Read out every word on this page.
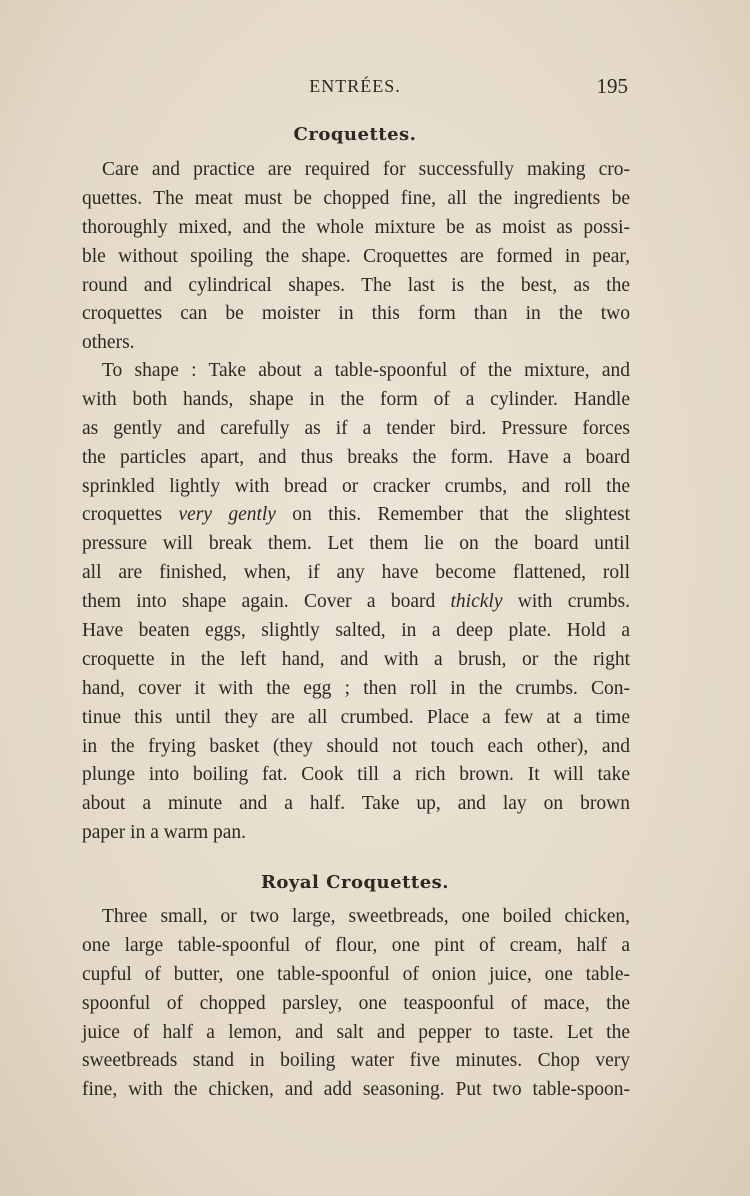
ENTRÉES.	195
Croquettes.
Care and practice are required for successfully making cro-
quettes. The meat must be chopped fine, all the ingredients be
thoroughly mixed, and the whole mixture be as moist as possi-
ble without spoiling the shape. Croquettes are formed in pear,
round and cylindrical shapes. The last is the best, as the
croquettes can be moister in this form than in the two
others.
To shape : Take about a table-spoonful of the mixture, and
with both hands, shape in the form of a cylinder. Handle
as gently and carefully as if a tender bird. Pressure forces
the particles apart, and thus breaks the form. Have a board
sprinkled lightly with bread or cracker crumbs, and roll the
croquettes very gently on this. Remember that the slightest
pressure will break them. Let them lie on the board until
all are finished, when, if any have become flattened, roll
them into shape again. Cover a board thickly with crumbs.
Have beaten eggs, slightly salted, in a deep plate. Hold a
croquette in the left hand, and with a brush, or the right
hand, cover it with the egg ; then roll in the crumbs. Con-
tinue this until they are all crumbed. Place a few at a time
in the frying basket (they should not touch each other), and
plunge into boiling fat. Cook till a rich brown. It will take
about a minute and a half. Take up, and lay on brown
paper in a warm pan.
Royal Croquettes.
Three small, or two large, sweetbreads, one boiled chicken,
one large table-spoonful of flour, one pint of cream, half a
cupful of butter, one table-spoonful of onion juice, one table-
spoonful of chopped parsley, one teaspoonful of mace, the
juice of half a lemon, and salt and pepper to taste. Let the
sweetbreads stand in boiling water five minutes. Chop very
fine, with the chicken, and add seasoning. Put two table-spoon-
